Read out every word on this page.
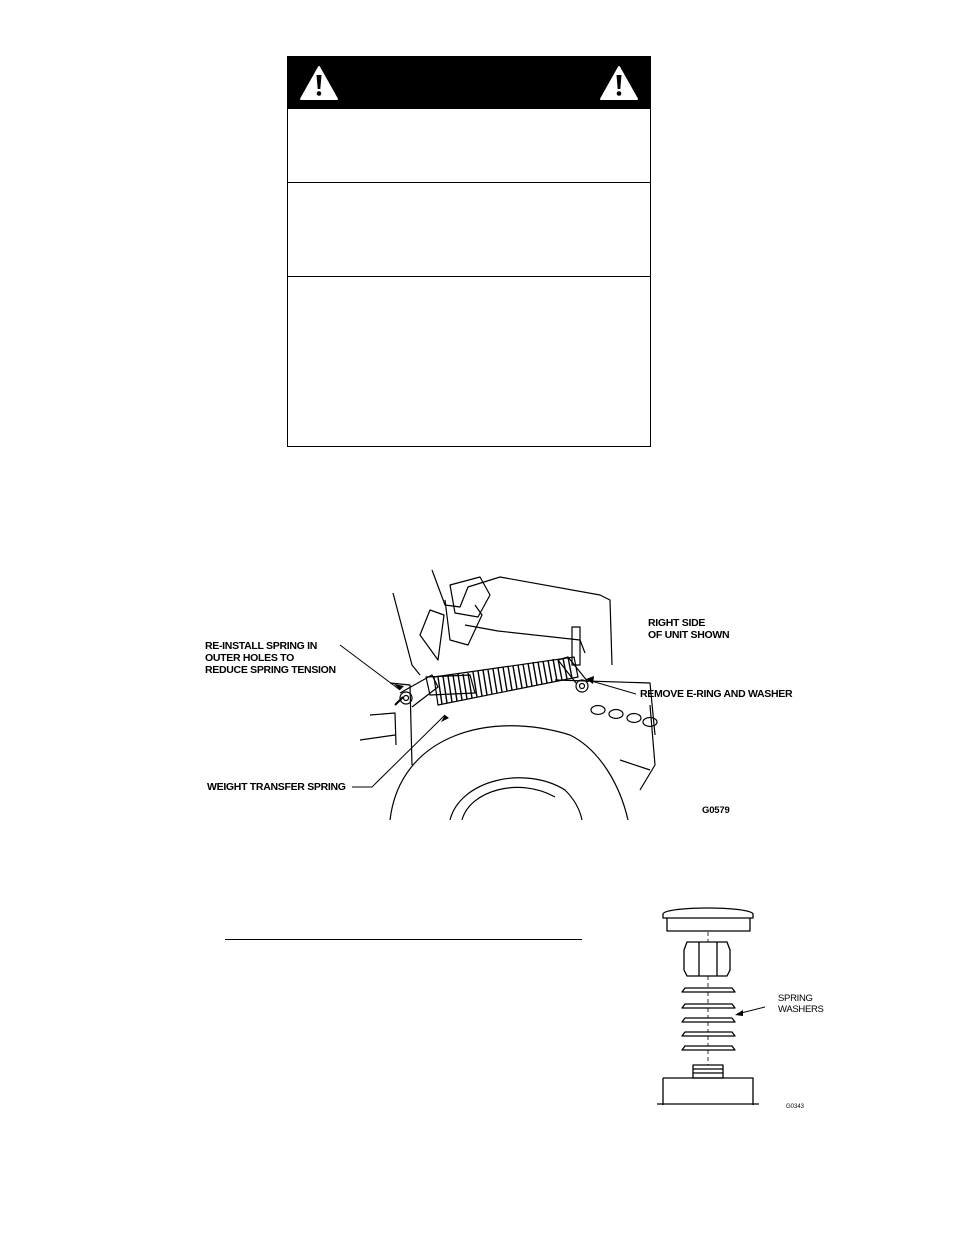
RE-INSTALL SPRING IN
OUTER HOLES TO
REDUCE SPRING TENSION
RIGHT SIDE
OF UNIT SHOWN
REMOVE E-RING AND WASHER
WEIGHT TRANSFER SPRING
G0579
SPRING
WASHERS
G0343
